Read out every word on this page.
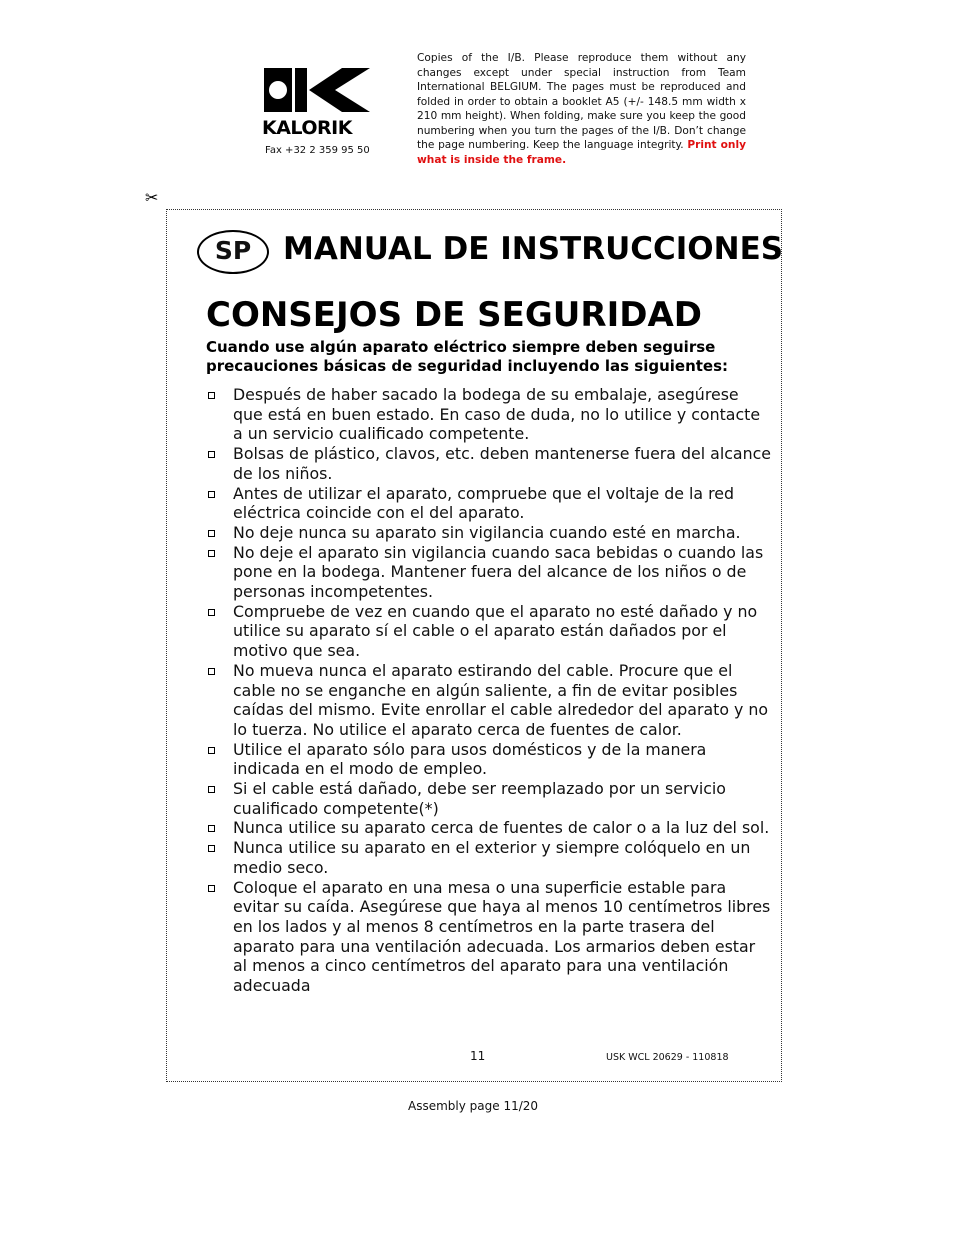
KALORIK
Fax +32 2 359 95 50
Copies of the I/B. Please reproduce them without any changes except under special instruction from Team International BELGIUM. The pages must be reproduced and folded in order to obtain a booklet A5 (+/- 148.5 mm width x 210 mm height). When folding, make sure you keep the good numbering when you turn the pages of the I/B. Don’t change the page numbering. Keep the language integrity. Print only what is inside the frame.
✂
SP	MANUAL DE INSTRUCCIONES
CONSEJOS DE SEGURIDAD
Cuando use algún aparato eléctrico siempre deben seguirse precauciones básicas de seguridad incluyendo las siguientes:
Después de haber sacado la bodega de su embalaje, asegúrese que está en buen estado. En caso de duda, no lo utilice y contacte a un servicio cualificado competente.
Bolsas de plástico, clavos, etc. deben mantenerse fuera del alcance de los niños.
Antes de utilizar el aparato, compruebe que el voltaje de la red eléctrica coincide con el del aparato.
No deje nunca su aparato sin vigilancia cuando esté en marcha.
No deje el aparato sin vigilancia cuando saca bebidas o cuando las pone en la bodega. Mantener fuera del alcance de los niños o de personas incompetentes.
Compruebe de vez en cuando que el aparato no esté dañado y no utilice su aparato sí el cable o el aparato están dañados por el motivo que sea.
No mueva nunca el aparato estirando del cable. Procure que el cable no se enganche en algún saliente, a fin de evitar posibles caídas del mismo. Evite enrollar el cable alrededor del aparato y no lo tuerza. No utilice el aparato cerca de fuentes de calor.
Utilice el aparato sólo para usos domésticos y de la manera indicada en el modo de empleo.
Si el cable está dañado, debe ser reemplazado por un servicio cualificado competente(*)
Nunca utilice su aparato cerca de fuentes de calor o a la luz del sol.
Nunca utilice su aparato en el exterior y siempre colóquelo en un medio seco.
Coloque el aparato en una mesa o una superficie estable para evitar su caída. Asegúrese que haya al menos 10 centímetros libres en los lados y al menos 8 centímetros en la parte trasera del aparato para una ventilación adecuada. Los armarios deben estar al menos a cinco centímetros del aparato para una ventilación adecuada
11	USK WCL 20629 - 110818
Assembly page 11/20
